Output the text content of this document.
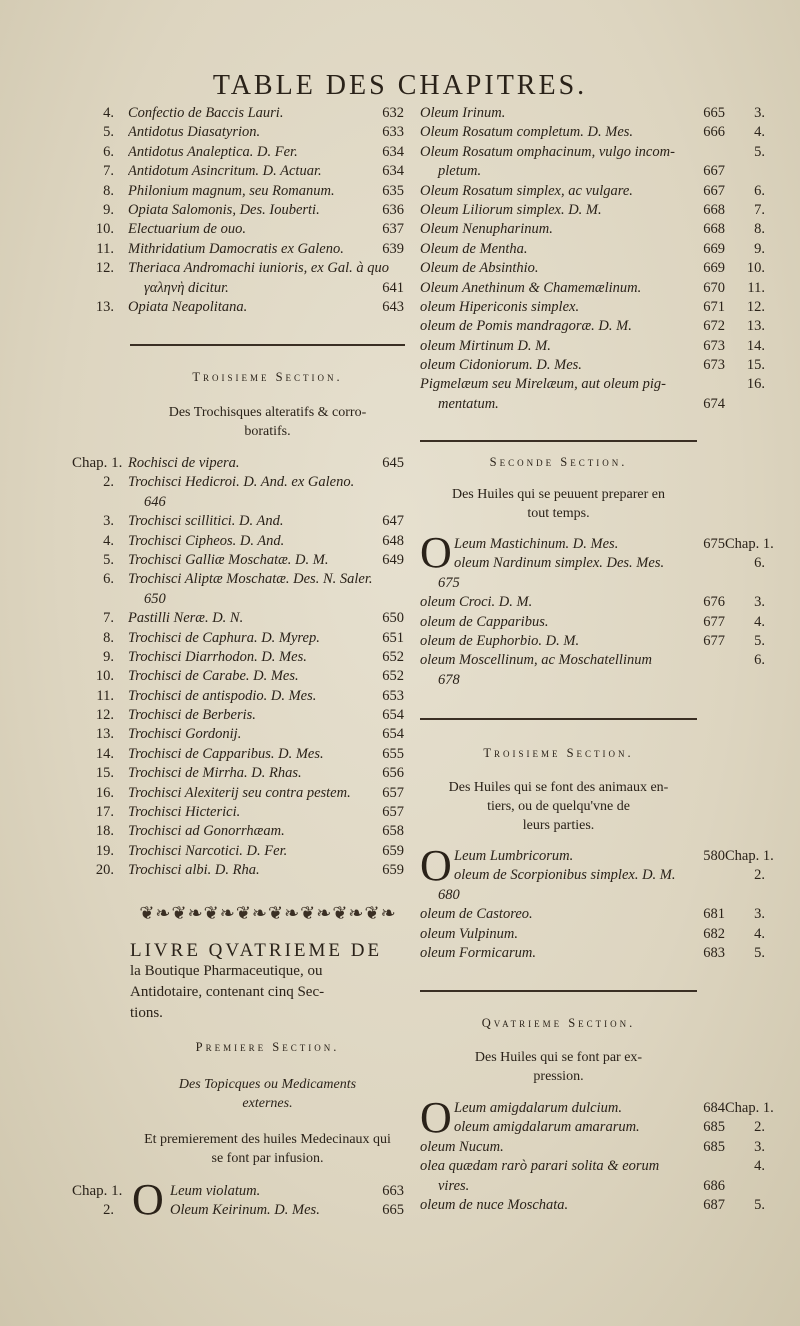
TABLE DES CHAPITRES.
4. Confectio de Baccis Lauri.	632
5. Antidotus Diasatyrion.	633
6. Antidotus Analeptica. D. Fer.	634
7. Antidotum Asincritum. D. Actuar.	634
8. Philonium magnum, seu Romanum.	635
9. Opiata Salomonis, Des. Iouberti.	636
10. Electuarium de ouo.	637
11. Mithridatium Damocratis ex Galeno.	639
12. Theriaca Andromachi iunioris, ex Gal. à quo
γαληνὴ dicitur.	641
13. Opiata Neapolitana.	643
Troisieme Section.
Des Trochisques alteratifs & corro-
boratifs.
Chap. 1. Rochisci de vipera.	645
2. Trochisci Hedicroi. D. And. ex Galeno.
646
3. Trochisci scillitici. D. And.	647
4. Trochisci Cipheos. D. And.	648
5. Trochisci Galliæ Moschatæ. D. M.	649
6. Trochisci Aliptæ Moschatæ. Des. N. Saler.
650
7. Pastilli Neræ. D. N.	650
8. Trochisci de Caphura. D. Myrep.	651
9. Trochisci Diarrhodon. D. Mes.	652
10. Trochisci de Carabe. D. Mes.	652
11. Trochisci de antispodio. D. Mes.	653
12. Trochisci de Berberis.	654
13. Trochisci Gordonij.	654
14. Trochisci de Capparibus. D. Mes.	655
15. Trochisci de Mirrha. D. Rhas.	656
16. Trochisci Alexiterij seu contra pestem.	657
17. Trochisci Hicterici.	657
18. Trochisci ad Gonorrhæam.	658
19. Trochisci Narcotici. D. Fer.	659
20. Trochisci albi. D. Rha.	659
❦❧❦❧❦❧❦❧❦❧❦❧❦❧❦❧
LIVRE QVATRIEME DE
la Boutique Pharmaceutique, ou
Antidotaire, contenant cinq Sec-
tions.
Premiere Section.
Des Topicques ou Medicaments
externes.
Et premierement des huiles Medecinaux qui
se font par infusion.
O
Chap. 1.	Leum violatum.	663
2.	Oleum Keirinum. D. Mes.	665
Oleum Irinum.	665	3.
Oleum Rosatum completum. D. Mes.	666	4.
Oleum Rosatum omphacinum, vulgo incom-	5.
pletum.	667
Oleum Rosatum simplex, ac vulgare.	667	6.
Oleum Liliorum simplex. D. M.	668	7.
Oleum Nenupharinum.	668	8.
Oleum de Mentha.	669	9.
Oleum de Absinthio.	669	10.
Oleum Anethinum & Chamemælinum.	670	11.
oleum Hipericonis simplex.	671	12.
oleum de Pomis mandragoræ. D. M.	672	13.
oleum Mirtinum D. M.	673	14.
oleum Cidoniorum. D. Mes.	673	15.
Pigmelæum seu Mirelæum, aut oleum pig-	16.
mentatum.	674
Seconde Section.
Des Huiles qui se peuuent preparer en
tout temps.
O Leum Mastichinum. D. Mes.	675 Chap. 1.
oleum Nardinum simplex. Des. Mes.	6.
675
oleum Croci. D. M.	676	3.
oleum de Capparibus.	677	4.
oleum de Euphorbio. D. M.	677	5.
oleum Moscellinum, ac Moschatellinum	6.
678
Troisieme Section.
Des Huiles qui se font des animaux en-
tiers, ou de quelqu'vne de
leurs parties.
O Leum Lumbricorum.	580 Chap. 1.
oleum de Scorpionibus simplex. D. M.	2.
680
oleum de Castoreo.	681	3.
oleum Vulpinum.	682	4.
oleum Formicarum.	683	5.
Qvatrieme Section.
Des Huiles qui se font par ex-
pression.
O Leum amigdalarum dulcium.	684 Chap. 1.
oleum amigdalarum amararum.	685	2.
oleum Nucum.	685	3.
olea quædam rarò parari solita & eorum	4.
vires.	686
oleum de nuce Moschata.	687	5.
